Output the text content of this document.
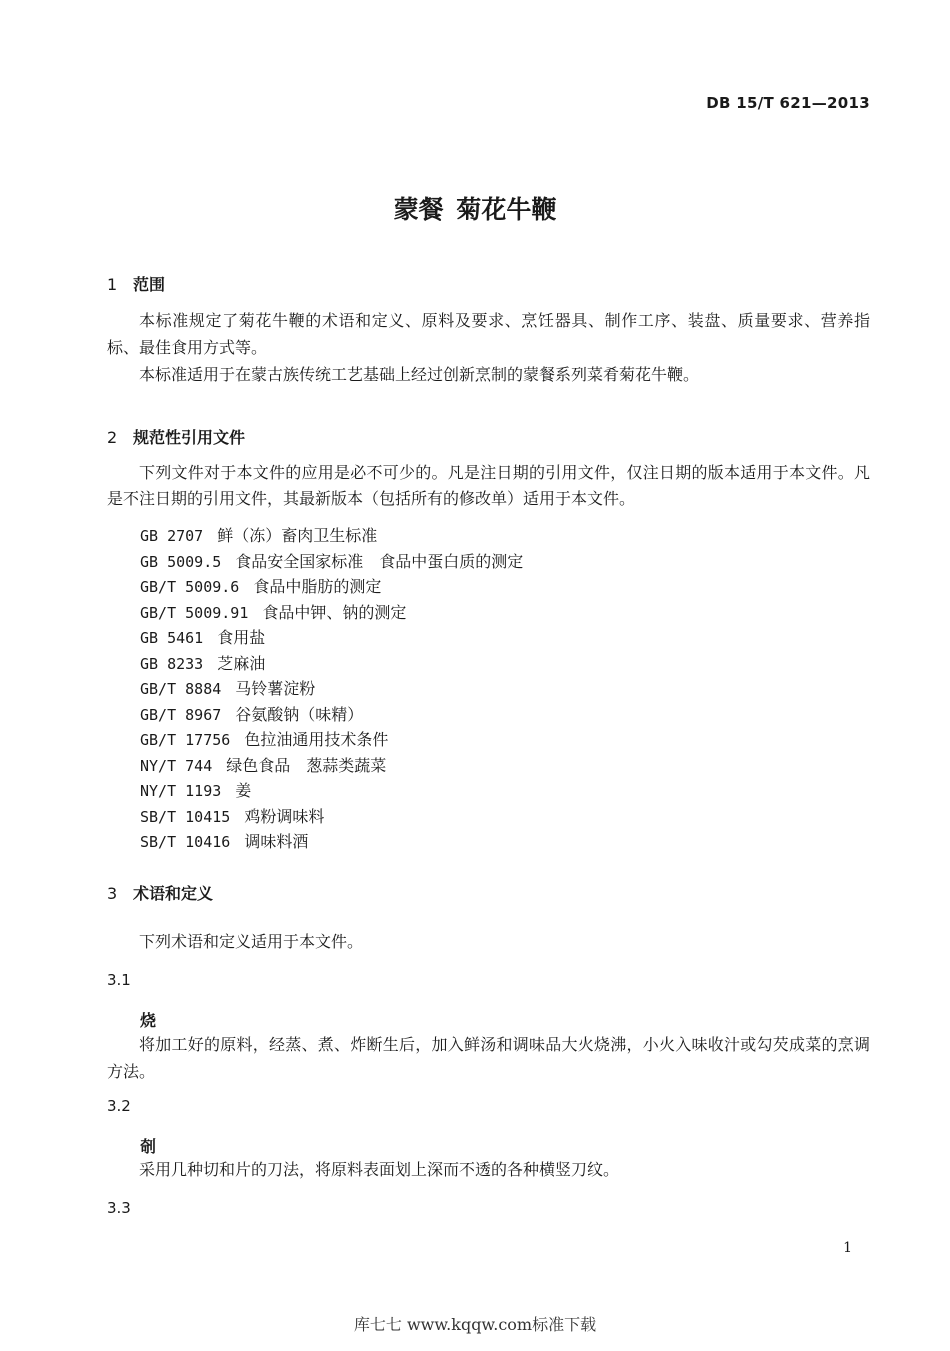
DB 15/T 621—2013
蒙餐 菊花牛鞭
1 范围

本标准规定了菊花牛鞭的术语和定义、原料及要求、烹饪器具、制作工序、装盘、质量要求、营养指标、最佳食用方式等。

本标准适用于在蒙古族传统工艺基础上经过创新烹制的蒙餐系列菜肴菊花牛鞭。

2 规范性引用文件

下列文件对于本文件的应用是必不可少的。凡是注日期的引用文件，仅注日期的版本适用于本文件。凡是不注日期的引用文件，其最新版本（包括所有的修改单）适用于本文件。

GB 2707 鲜（冻）畜肉卫生标准
GB 5009.5 食品安全国家标准　食品中蛋白质的测定
GB/T 5009.6 食品中脂肪的测定
GB/T 5009.91 食品中钾、钠的测定
GB 5461 食用盐
GB 8233 芝麻油
GB/T 8884 马铃薯淀粉
GB/T 8967 谷氨酸钠（味精）
GB/T 17756 色拉油通用技术条件
NY/T 744 绿色食品　葱蒜类蔬菜
NY/T 1193 姜
SB/T 10415 鸡粉调味料
SB/T 10416 调味料酒
3 术语和定义

下列术语和定义适用于本文件。

3.1
烧

将加工好的原料，经蒸、煮、炸断生后，加入鲜汤和调味品大火烧沸，小火入味收汁或勾芡成菜的烹调方法。

3.2
剞

采用几种切和片的刀法，将原料表面划上深而不透的各种横竖刀纹。

3.3
1
库七七 www.kqqw.com标准下载
